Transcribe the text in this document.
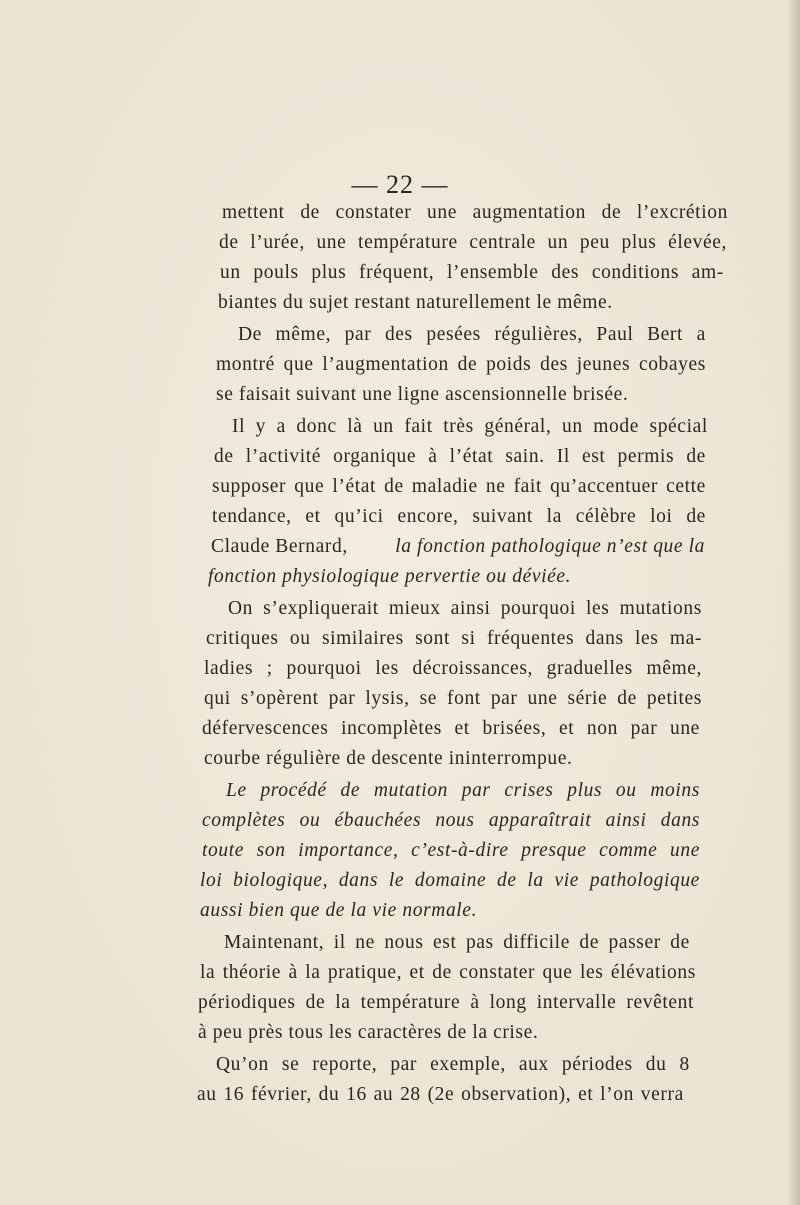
— 22 —
mettent de constater une augmentation de l’excrétion
de l’urée, une température centrale un peu plus élevée,
un pouls plus fréquent, l’ensemble des conditions am-
biantes du sujet restant naturellement le même.
De même, par des pesées régulières, Paul Bert a
montré que l’augmentation de poids des jeunes cobayes
se faisait suivant une ligne ascensionnelle brisée.
Il y a donc là un fait très général, un mode spécial
de l’activité organique à l’état sain. Il est permis de
supposer que l’état de maladie ne fait qu’accentuer cette
tendance, et qu’ici encore, suivant la célèbre loi de
Claude Bernard, la fonction pathologique n’est que la
fonction physiologique pervertie ou déviée.
On s’expliquerait mieux ainsi pourquoi les mutations
critiques ou similaires sont si fréquentes dans les ma-
ladies ; pourquoi les décroissances, graduelles même,
qui s’opèrent par lysis, se font par une série de petites
défervescences incomplètes et brisées, et non par une
courbe régulière de descente ininterrompue.
Le procédé de mutation par crises plus ou moins
complètes ou ébauchées nous apparaîtrait ainsi dans
toute son importance, c’est-à-dire presque comme une
loi biologique, dans le domaine de la vie pathologique
aussi bien que de la vie normale.
Maintenant, il ne nous est pas difficile de passer de
la théorie à la pratique, et de constater que les élévations
périodiques de la température à long intervalle revêtent
à peu près tous les caractères de la crise.
Qu’on se reporte, par exemple, aux périodes du 8
au 16 février, du 16 au 28 (2e observation), et l’on verra
